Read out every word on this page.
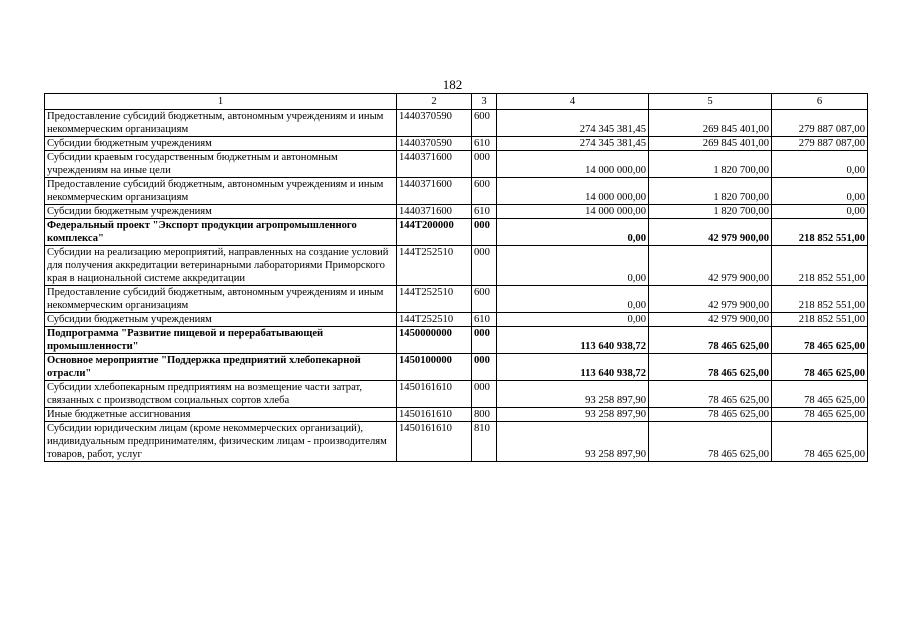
182
1	2	3	4	5	6
Предоставление субсидий бюджетным, автономным учреждениям и иным некоммерческим организациям	1440370590	600	274 345 381,45	269 845 401,00	279 887 087,00
Субсидии бюджетным учреждениям	1440370590	610	274 345 381,45	269 845 401,00	279 887 087,00
Субсидии краевым государственным бюджетным и автономным учреждениям на иные цели	1440371600	000	14 000 000,00	1 820 700,00	0,00
Предоставление субсидий бюджетным, автономным учреждениям и иным некоммерческим организациям	1440371600	600	14 000 000,00	1 820 700,00	0,00
Субсидии бюджетным учреждениям	1440371600	610	14 000 000,00	1 820 700,00	0,00
Федеральный проект "Экспорт продукции агропромышленного комплекса"	144T200000	000	0,00	42 979 900,00	218 852 551,00
Субсидии на реализацию мероприятий, направленных на создание условий для получения аккредитации ветеринарными лабораториями Приморского края в национальной системе аккредитации	144T252510	000	0,00	42 979 900,00	218 852 551,00
Предоставление субсидий бюджетным, автономным учреждениям и иным некоммерческим организациям	144T252510	600	0,00	42 979 900,00	218 852 551,00
Субсидии бюджетным учреждениям	144T252510	610	0,00	42 979 900,00	218 852 551,00
Подпрограмма "Развитие пищевой и перерабатывающей промышленности"	1450000000	000	113 640 938,72	78 465 625,00	78 465 625,00
Основное мероприятие "Поддержка предприятий хлебопекарной отрасли"	1450100000	000	113 640 938,72	78 465 625,00	78 465 625,00
Субсидии хлебопекарным предприятиям на возмещение части затрат, связанных с производством социальных сортов хлеба	1450161610	000	93 258 897,90	78 465 625,00	78 465 625,00
Иные бюджетные ассигнования	1450161610	800	93 258 897,90	78 465 625,00	78 465 625,00
Субсидии юридическим лицам (кроме некоммерческих организаций), индивидуальным предпринимателям, физическим лицам - производителям товаров, работ, услуг	1450161610	810	93 258 897,90	78 465 625,00	78 465 625,00
